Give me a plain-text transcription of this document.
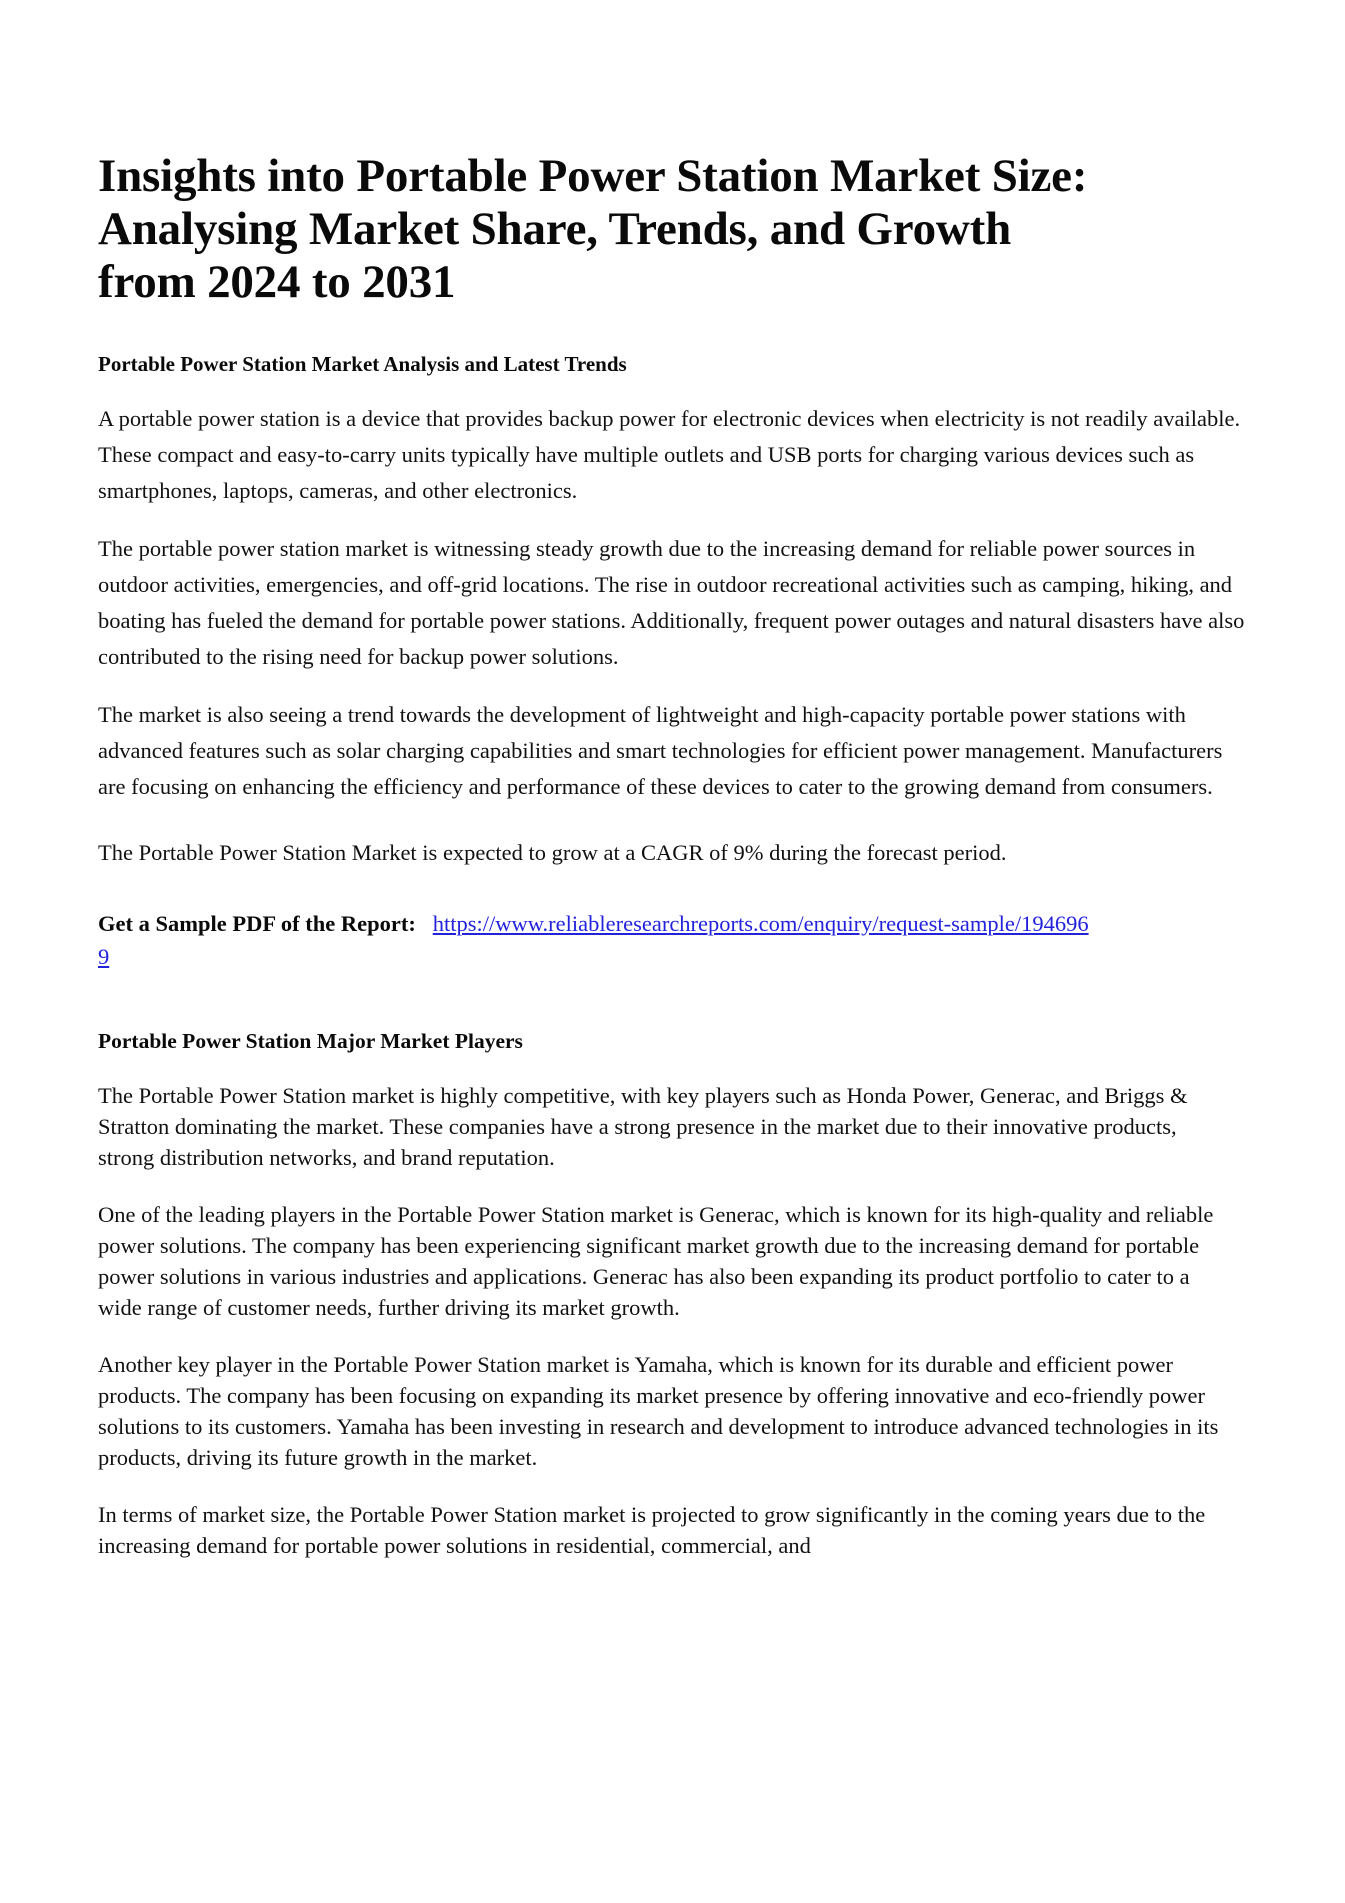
Insights into Portable Power Station Market Size: Analysing Market Share, Trends, and Growth from 2024 to 2031
Portable Power Station Market Analysis and Latest Trends

A portable power station is a device that provides backup power for electronic devices when electricity is not readily available. These compact and easy-to-carry units typically have multiple outlets and USB ports for charging various devices such as smartphones, laptops, cameras, and other electronics.

The portable power station market is witnessing steady growth due to the increasing demand for reliable power sources in outdoor activities, emergencies, and off-grid locations. The rise in outdoor recreational activities such as camping, hiking, and boating has fueled the demand for portable power stations. Additionally, frequent power outages and natural disasters have also contributed to the rising need for backup power solutions.

The market is also seeing a trend towards the development of lightweight and high-capacity portable power stations with advanced features such as solar charging capabilities and smart technologies for efficient power management. Manufacturers are focusing on enhancing the efficiency and performance of these devices to cater to the growing demand from consumers.

The Portable Power Station Market is expected to grow at a CAGR of 9% during the forecast period.

Get a Sample PDF of the Report: https://www.reliableresearchreports.com/enquiry/request-sample/1946969

Portable Power Station Major Market Players

The Portable Power Station market is highly competitive, with key players such as Honda Power, Generac, and Briggs & Stratton dominating the market. These companies have a strong presence in the market due to their innovative products, strong distribution networks, and brand reputation.

One of the leading players in the Portable Power Station market is Generac, which is known for its high-quality and reliable power solutions. The company has been experiencing significant market growth due to the increasing demand for portable power solutions in various industries and applications. Generac has also been expanding its product portfolio to cater to a wide range of customer needs, further driving its market growth.

Another key player in the Portable Power Station market is Yamaha, which is known for its durable and efficient power products. The company has been focusing on expanding its market presence by offering innovative and eco-friendly power solutions to its customers. Yamaha has been investing in research and development to introduce advanced technologies in its products, driving its future growth in the market.

In terms of market size, the Portable Power Station market is projected to grow significantly in the coming years due to the increasing demand for portable power solutions in residential, commercial, and
